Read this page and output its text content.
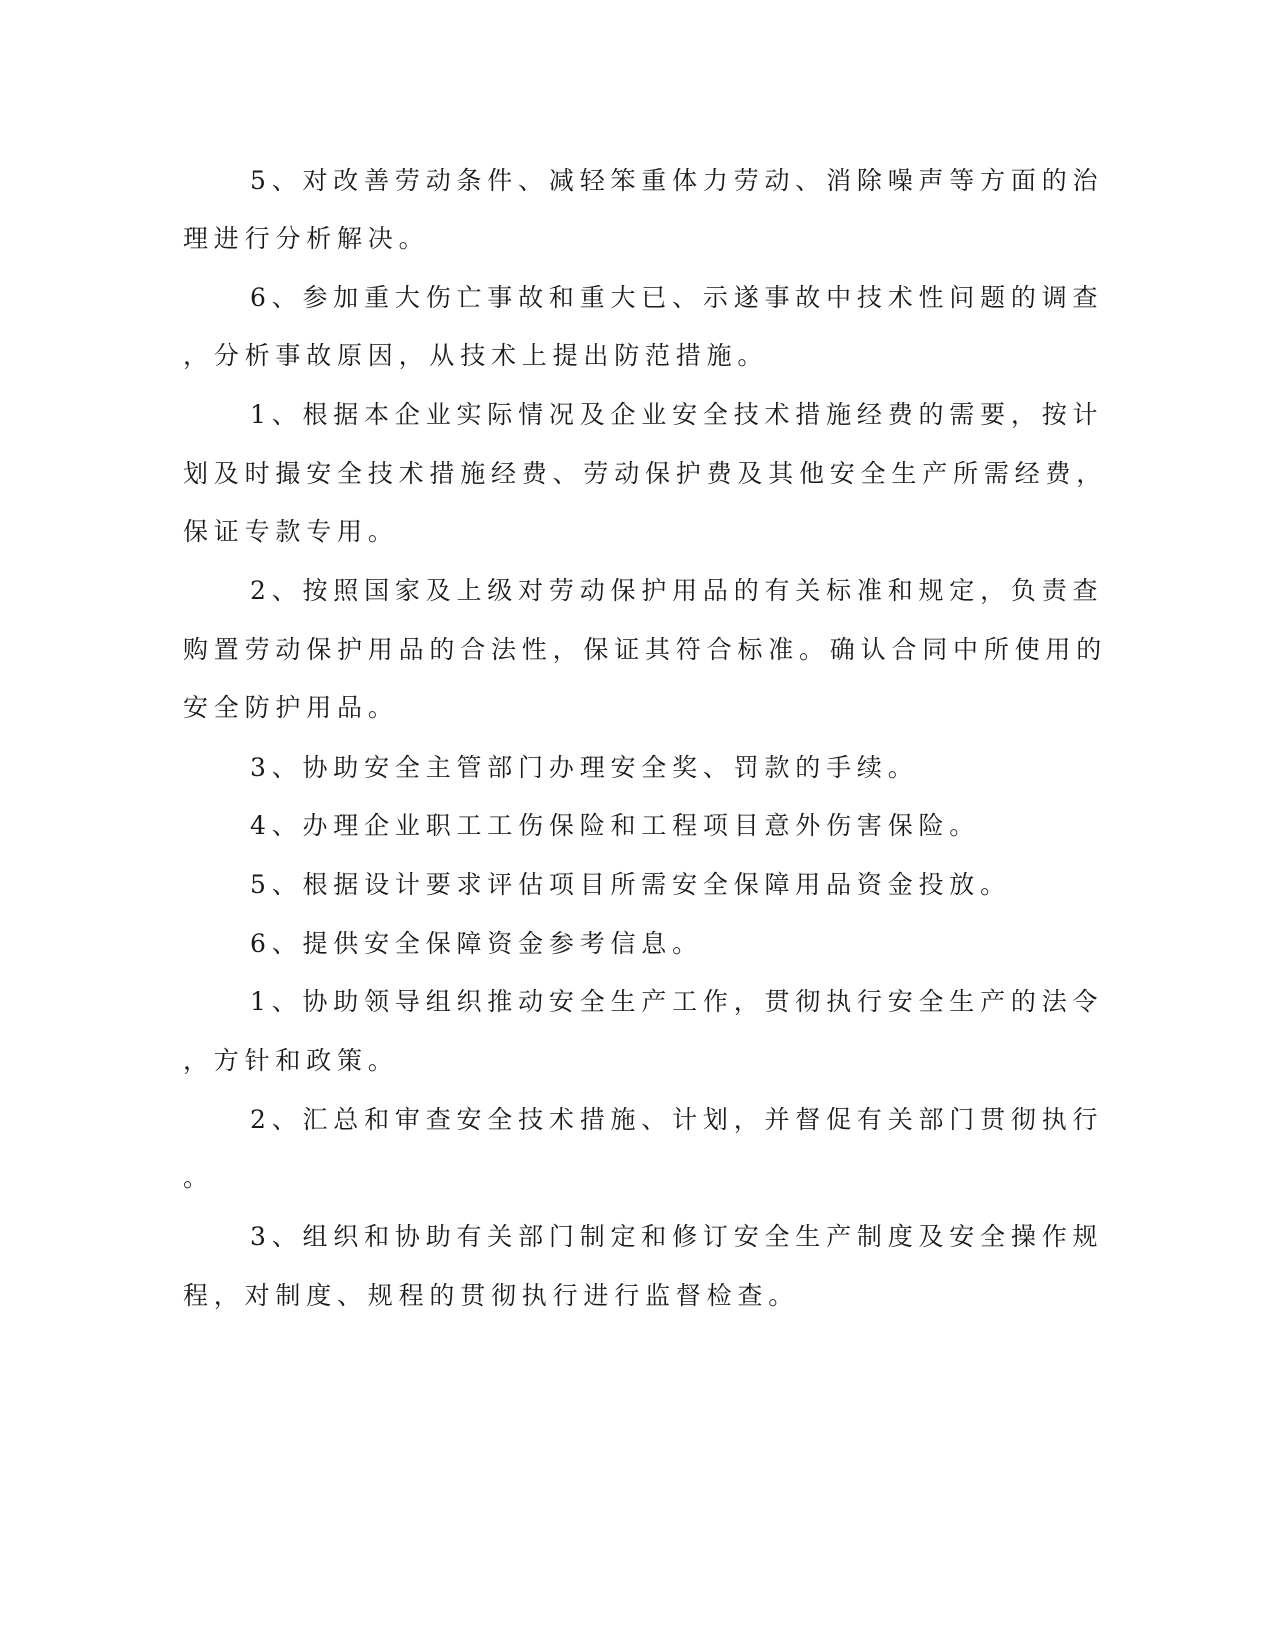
5、对改善劳动条件、减轻笨重体力劳动、消除噪声等方面的治
理进行分析解决。
6、参加重大伤亡事故和重大已、示遂事故中技术性问题的调查
，分析事故原因，从技术上提出防范措施。
1、根据本企业实际情况及企业安全技术措施经费的需要，按计
划及时撮安全技术措施经费、劳动保护费及其他安全生产所需经费，
保证专款专用。
2、按照国家及上级对劳动保护用品的有关标准和规定，负责查
购置劳动保护用品的合法性，保证其符合标准。确认合同中所使用的
安全防护用品。
3、协助安全主管部门办理安全奖、罚款的手续。
4、办理企业职工工伤保险和工程项目意外伤害保险。
5、根据设计要求评估项目所需安全保障用品资金投放。
6、提供安全保障资金参考信息。
1、协助领导组织推动安全生产工作，贯彻执行安全生产的法令
，方针和政策。
2、汇总和审查安全技术措施、计划，并督促有关部门贯彻执行
。
3、组织和协助有关部门制定和修订安全生产制度及安全操作规
程，对制度、规程的贯彻执行进行监督检查。
